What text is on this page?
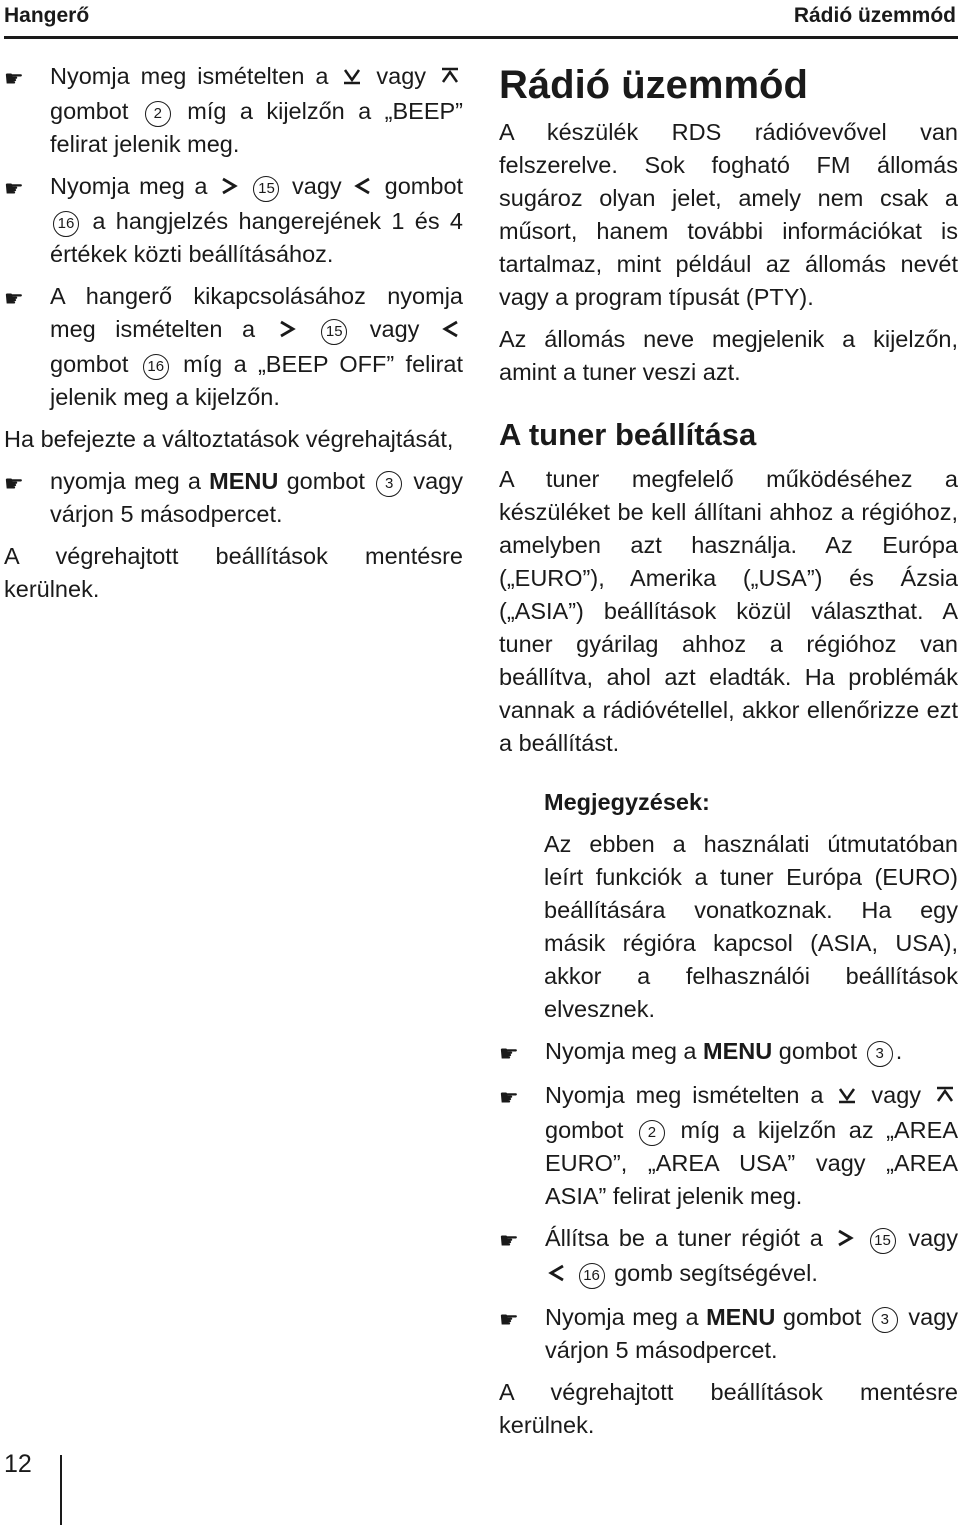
Hangerő	Rádió üzemmód
☛	Nyomja meg ismételten a vagy  gombot 2 míg a kijelzőn a „BEEP” felirat jelenik meg.
☛	Nyomja meg a	15 vagy gombot 16 a hangjelzés hangerejének 1 és 4 értékek közti beállításához.
☛	A hangerő kikapcsolásához nyomja meg ismételten a	15 vagy  gombot 16 míg a „BEEP OFF” felirat jelenik meg a kijelzőn.

Ha befejezte a változtatások végrehajtását,

☛	nyomja meg a MENU gombot 3 vagy várjon 5 másodpercet.

A végrehajtott beállítások mentésre kerülnek.

Rádió üzemmód

A készülék RDS rádióvevővel van felszerelve. Sok fogható FM állomás sugároz olyan jelet, amely nem csak a műsort, hanem további információkat is tartalmaz, mint például az állomás nevét vagy a program típusát (PTY).

Az állomás neve megjelenik a kijelzőn, amint a tuner veszi azt.

A tuner beállítása

A tuner megfelelő működéséhez a készüléket be kell állítani ahhoz a régióhoz, amelyben azt használja. Az Európa („EURO”), Amerika („USA”) és Ázsia („ASIA”) beállítások közül választhat. A tuner gyárilag ahhoz a régióhoz van beállítva, ahol azt eladták. Ha problémák vannak a rádióvétellel, akkor ellenőrizze ezt a beállítást.

Megjegyzések:

Az ebben a használati útmutatóban leírt funkciók a tuner Európa (EURO) beállítására vonatkoznak. Ha egy másik régióra kapcsol (ASIA, USA), akkor a felhasználói beállítások elvesznek.

☛	Nyomja meg a MENU gombot 3 .
☛	Nyomja meg ismételten a vagy  gombot 2 míg a kijelzőn az „AREA EURO”, „AREA USA” vagy „AREA ASIA” felirat jelenik meg.
☛	Állítsa be a tuner régiót a	15 vagy  16 gomb segítségével.
☛	Nyomja meg a MENU gombot 3 vagy várjon 5 másodpercet.

A végrehajtott beállítások mentésre kerülnek.

12
